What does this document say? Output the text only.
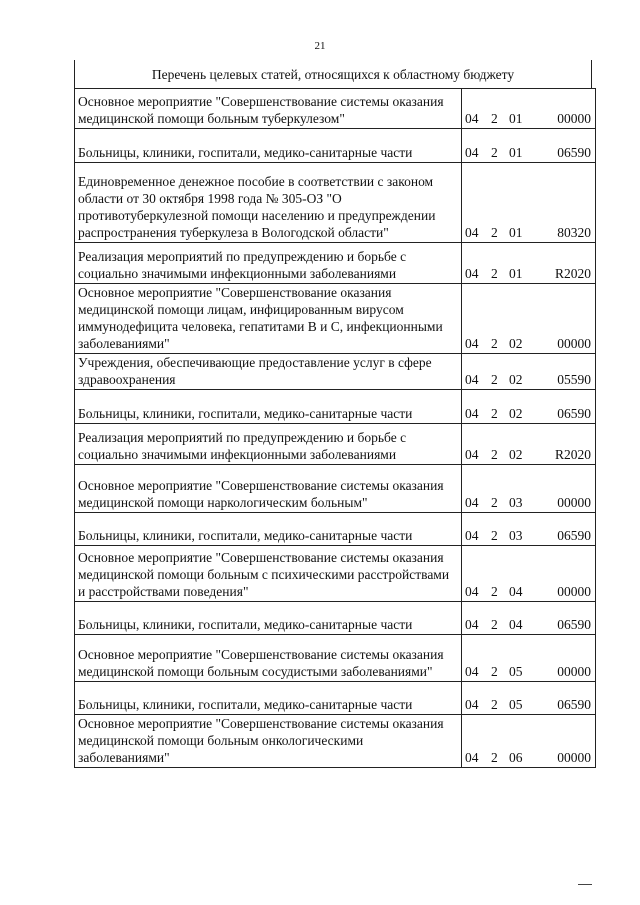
21
Перечень целевых статей, относящихся к областному бюджету
Основное мероприятие "Совершенствование системы оказания медицинской помощи больным туберкулезом"	04 2 01 00000

Больницы, клиники, госпитали, медико-санитарные части	04 2 01 06590

Единовременное денежное пособие в соответствии с законом области от 30 октября 1998 года № 305-ОЗ "О противотуберкулезной помощи населению и предупреждении распространения туберкулеза в Вологодской области"	04 2 01 80320

Реализация мероприятий по предупреждению и борьбе с социально значимыми инфекционными заболеваниями	04 2 01 R2020

Основное мероприятие "Совершенствование оказания медицинской помощи лицам, инфицированным вирусом иммунодефицита человека, гепатитами В и С, инфекционными заболеваниями"	04 2 02 00000

Учреждения, обеспечивающие предоставление услуг в сфере здравоохранения	04 2 02 05590

Больницы, клиники, госпитали, медико-санитарные части	04 2 02 06590

Реализация мероприятий по предупреждению и борьбе с социально значимыми инфекционными заболеваниями	04 2 02 R2020

Основное мероприятие "Совершенствование системы оказания медицинской помощи наркологическим больным"	04 2 03 00000

Больницы, клиники, госпитали, медико-санитарные части	04 2 03 06590

Основное мероприятие "Совершенствование системы оказания медицинской помощи больным с психическими расстройствами и расстройствами поведения"	04 2 04 00000

Больницы, клиники, госпитали, медико-санитарные части	04 2 04 06590

Основное мероприятие "Совершенствование системы оказания медицинской помощи больным сосудистыми заболеваниями"	04 2 05 00000

Больницы, клиники, госпитали, медико-санитарные части	04 2 05 06590

Основное мероприятие "Совершенствование системы оказания медицинской помощи больным онкологическими заболеваниями"	04 2 06 00000
